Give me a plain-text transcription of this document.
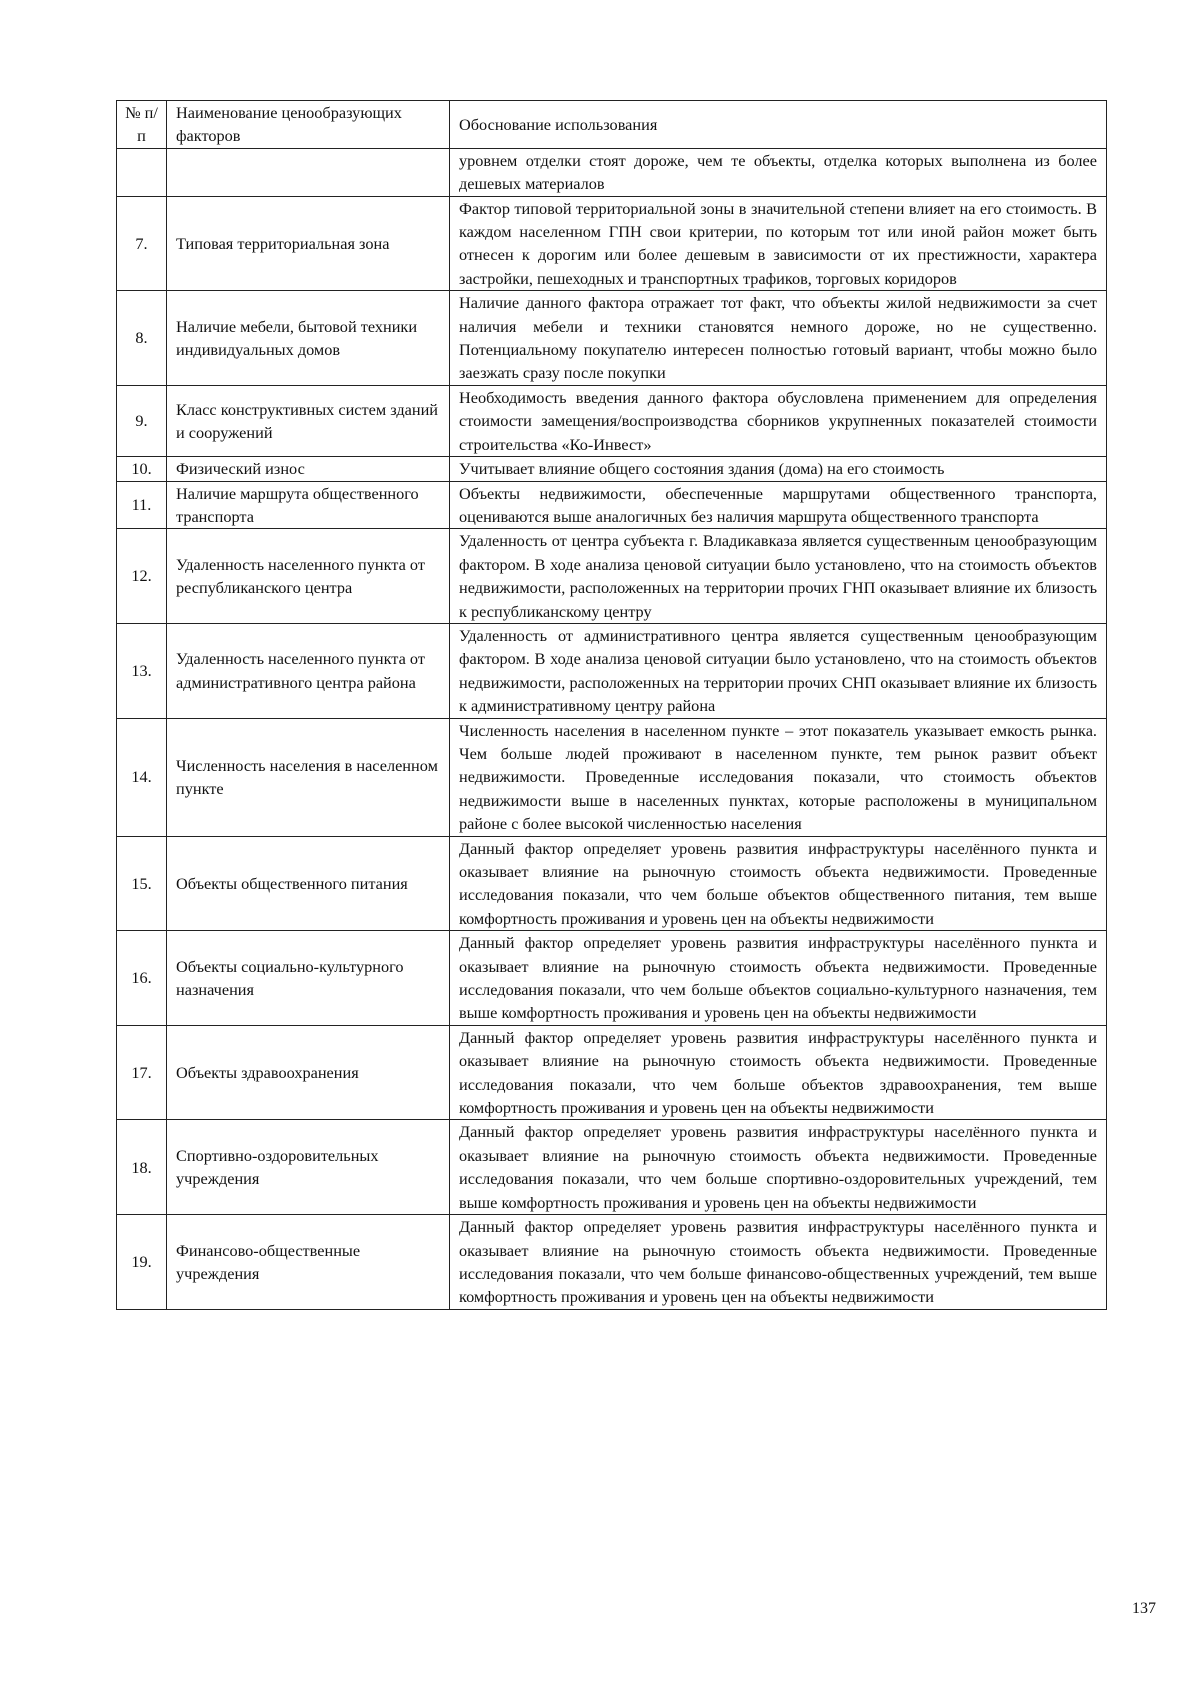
№ п/п	Наименование ценообразующих факторов	Обоснование использования
		уровнем отделки стоят дороже, чем те объекты, отделка которых выполнена из более дешевых материалов
7.	Типовая территориальная зона	Фактор типовой территориальной зоны в значительной степени влияет на его стоимость. В каждом населенном ГПН свои критерии, по которым тот или иной район может быть отнесен к дорогим или более дешевым в зависимости от их престижности, характера застройки, пешеходных и транспортных трафиков, торговых коридоров
8.	Наличие мебели, бытовой техники индивидуальных домов	Наличие данного фактора отражает тот факт, что объекты жилой недвижимости за счет наличия мебели и техники становятся немного дороже, но не существенно. Потенциальному покупателю интересен полностью готовый вариант, чтобы можно было заезжать сразу после покупки
9.	Класс конструктивных систем зданий и сооружений	Необходимость введения данного фактора обусловлена применением для определения стоимости замещения/воспроизводства сборников укрупненных показателей стоимости строительства «Ко-Инвест»
10.	Физический износ	Учитывает влияние общего состояния здания (дома) на его стоимость
11.	Наличие маршрута общественного транспорта	Объекты недвижимости, обеспеченные маршрутами общественного транспорта, оцениваются выше аналогичных без наличия маршрута общественного транспорта
12.	Удаленность населенного пункта от республиканского центра	Удаленность от центра субъекта г. Владикавказа является существенным ценообразующим фактором. В ходе анализа ценовой ситуации было установлено, что на стоимость объектов недвижимости, расположенных на территории прочих ГНП оказывает влияние их близость к республиканскому центру
13.	Удаленность населенного пункта от административного центра района	Удаленность от административного центра является существенным ценообразующим фактором. В ходе анализа ценовой ситуации было установлено, что на стоимость объектов недвижимости, расположенных на территории прочих СНП оказывает влияние их близость к административному центру района
14.	Численность населения в населенном пункте	Численность населения в населенном пункте – этот показатель указывает емкость рынка. Чем больше людей проживают в населенном пункте, тем рынок развит объект недвижимости. Проведенные исследования показали, что стоимость объектов недвижимости выше в населенных пунктах, которые расположены в муниципальном районе с более высокой численностью населения
15.	Объекты общественного питания	Данный фактор определяет уровень развития инфраструктуры населённого пункта и оказывает влияние на рыночную стоимость объекта недвижимости. Проведенные исследования показали, что чем больше объектов общественного питания, тем выше комфортность проживания и уровень цен на объекты недвижимости
16.	Объекты социально-культурного назначения	Данный фактор определяет уровень развития инфраструктуры населённого пункта и оказывает влияние на рыночную стоимость объекта недвижимости. Проведенные исследования показали, что чем больше объектов социально-культурного назначения, тем выше комфортность проживания и уровень цен на объекты недвижимости
17.	Объекты здравоохранения	Данный фактор определяет уровень развития инфраструктуры населённого пункта и оказывает влияние на рыночную стоимость объекта недвижимости. Проведенные исследования показали, что чем больше объектов здравоохранения, тем выше комфортность проживания и уровень цен на объекты недвижимости
18.	Спортивно-оздоровительных учреждения	Данный фактор определяет уровень развития инфраструктуры населённого пункта и оказывает влияние на рыночную стоимость объекта недвижимости. Проведенные исследования показали, что чем больше спортивно-оздоровительных учреждений, тем выше комфортность проживания и уровень цен на объекты недвижимости
19.	Финансово-общественные учреждения	Данный фактор определяет уровень развития инфраструктуры населённого пункта и оказывает влияние на рыночную стоимость объекта недвижимости. Проведенные исследования показали, что чем больше финансово-общественных учреждений, тем выше комфортность проживания и уровень цен на объекты недвижимости
137
